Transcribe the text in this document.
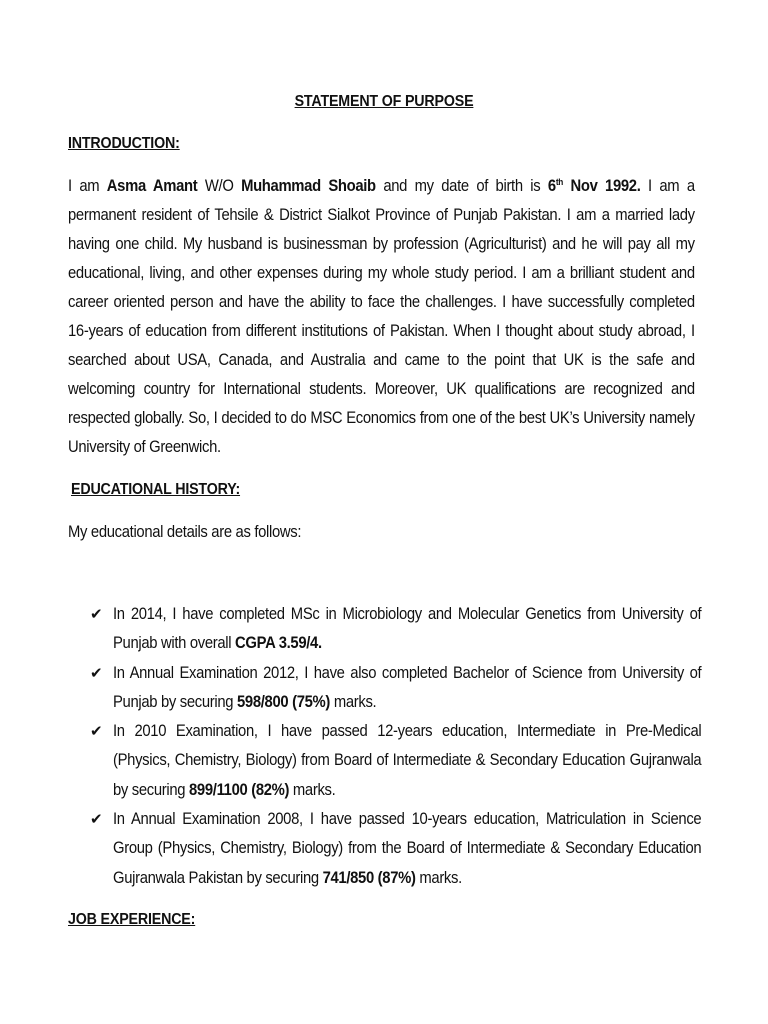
STATEMENT OF PURPOSE
INTRODUCTION:
I am Asma Amant W/O Muhammad Shoaib and my date of birth is 6th Nov 1992. I am a permanent resident of Tehsile & District Sialkot Province of Punjab Pakistan. I am a married lady having one child. My husband is businessman by profession (Agriculturist) and he will pay all my educational, living, and other expenses during my whole study period. I am a brilliant student and career oriented person and have the ability to face the challenges. I have successfully completed 16-years of education from different institutions of Pakistan. When I thought about study abroad, I searched about USA, Canada, and Australia and came to the point that UK is the safe and welcoming country for International students. Moreover, UK qualifications are recognized and respected globally. So, I decided to do MSC Economics from one of the best UK’s University namely University of Greenwich.
EDUCATIONAL HISTORY:
My educational details are as follows:
✔ In 2014, I have completed MSc in Microbiology and Molecular Genetics from University of Punjab with overall CGPA 3.59/4.
✔ In Annual Examination 2012, I have also completed Bachelor of Science from University of Punjab by securing 598/800 (75%) marks.
✔ In 2010 Examination, I have passed 12-years education, Intermediate in Pre-Medical (Physics, Chemistry, Biology) from Board of Intermediate & Secondary Education Gujranwala by securing 899/1100 (82%) marks.
✔ In Annual Examination 2008, I have passed 10-years education, Matriculation in Science Group (Physics, Chemistry, Biology) from the Board of Intermediate & Secondary Education Gujranwala Pakistan by securing 741/850 (87%) marks.
JOB EXPERIENCE:
